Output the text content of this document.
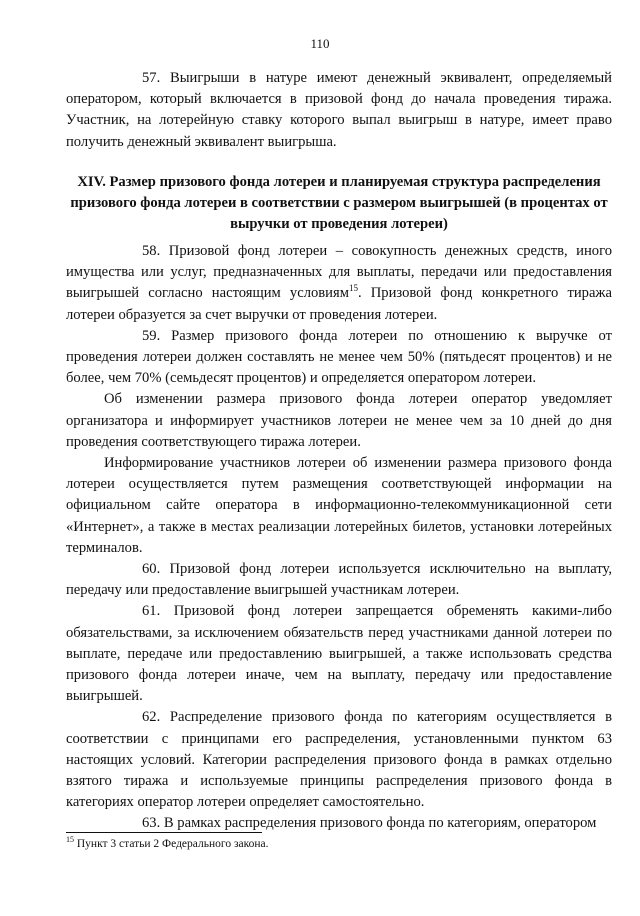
110

57. Выигрыши в натуре имеют денежный эквивалент, определяемый оператором, который включается в призовой фонд до начала проведения тиража. Участник, на лотерейную ставку которого выпал выигрыш в натуре, имеет право получить денежный эквивалент выигрыша.

XIV. Размер призового фонда лотереи и планируемая структура распределения призового фонда лотереи в соответствии с размером выигрышей (в процентах от выручки от проведения лотереи)

58. Призовой фонд лотереи – совокупность денежных средств, иного имущества или услуг, предназначенных для выплаты, передачи или предоставления выигрышей согласно настоящим условиям$^{15}$. Призовой фонд конкретного тиража лотереи образуется за счет выручки от проведения лотереи.

59. Размер призового фонда лотереи по отношению к выручке от проведения лотереи должен составлять не менее чем 50% (пятьдесят процентов) и не более, чем 70% (семьдесят процентов) и определяется оператором лотереи.

Об изменении размера призового фонда лотереи оператор уведомляет организатора и информирует участников лотереи не менее чем за 10 дней до дня проведения соответствующего тиража лотереи.

Информирование участников лотереи об изменении размера призового фонда лотереи осуществляется путем размещения соответствующей информации на официальном сайте оператора в информационно-телекоммуникационной сети «Интернет», а также в местах реализации лотерейных билетов, установки лотерейных терминалов.

60. Призовой фонд лотереи используется исключительно на выплату, передачу или предоставление выигрышей участникам лотереи.

61. Призовой фонд лотереи запрещается обременять какими-либо обязательствами, за исключением обязательств перед участниками данной лотереи по выплате, передаче или предоставлению выигрышей, а также использовать средства призового фонда лотереи иначе, чем на выплату, передачу или предоставление выигрышей.

62. Распределение призового фонда по категориям осуществляется в соответствии с принципами его распределения, установленными пунктом 63 настоящих условий. Категории распределения призового фонда в рамках отдельно взятого тиража и используемые принципы распределения призового фонда в категориях оператор лотереи определяет самостоятельно.

63. В рамках распределения призового фонда по категориям, оператором

$^{15}$ Пункт 3 статьи 2 Федерального закона.
